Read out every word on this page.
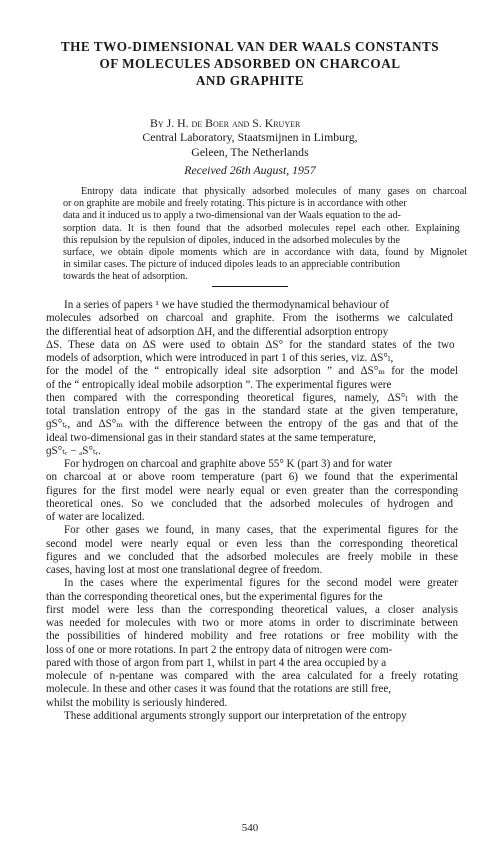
THE TWO-DIMENSIONAL VAN DER WAALS CONSTANTS
OF MOLECULES ADSORBED ON CHARCOAL
AND GRAPHITE
By J. H. de Boer and S. Kruyer
Central Laboratory, Staatsmijnen in Limburg,
Geleen, The Netherlands
Received 26th August, 1957
Entropy data indicate that physically adsorbed molecules of many gases on charcoal
or on graphite are mobile and freely rotating. This picture is in accordance with other
data and it induced us to apply a two-dimensional van der Waals equation to the ad-
sorption data. It is then found that the adsorbed molecules repel each other. Explaining
this repulsion by the repulsion of dipoles, induced in the adsorbed molecules by the
surface, we obtain dipole moments which are in accordance with data, found by Mignolet
in similar cases. The picture of induced dipoles leads to an appreciable contribution
towards the heat of adsorption.
In a series of papers ¹ we have studied the thermodynamical behaviour of
molecules adsorbed on charcoal and graphite. From the isotherms we calculated
the differential heat of adsorption ΔH, and the differential adsorption entropy
ΔS. These data on ΔS were used to obtain ΔS° for the standard states of the two
models of adsorption, which were introduced in part 1 of this series, viz. ΔS°ₗ,
for the model of the “ entropically ideal site adsorption ” and ΔS°ₘ for the model
of the “ entropically ideal mobile adsorption ”. The experimental figures were
then compared with the corresponding theoretical figures, namely, ΔS°ₗ with the
total translation entropy of the gas in the standard state at the given temperature,
ɡS°ₜᵣ, and ΔS°ₘ with the difference between the entropy of the gas and that of the
ideal two-dimensional gas in their standard states at the same temperature,
ɡS°ₜᵣ − ₐS°ₜᵣ.
For hydrogen on charcoal and graphite above 55° K (part 3) and for water
on charcoal at or above room temperature (part 6) we found that the experimental
figures for the first model were nearly equal or even greater than the corresponding
theoretical ones. So we concluded that the adsorbed molecules of hydrogen and
of water are localized.
For other gases we found, in many cases, that the experimental figures for the
second model were nearly equal or even less than the corresponding theoretical
figures and we concluded that the adsorbed molecules are freely mobile in these
cases, having lost at most one translational degree of freedom.
In the cases where the experimental figures for the second model were greater
than the corresponding theoretical ones, but the experimental figures for the
first model were less than the corresponding theoretical values, a closer analysis
was needed for molecules with two or more atoms in order to discriminate between
the possibilities of hindered mobility and free rotations or free mobility with the
loss of one or more rotations. In part 2 the entropy data of nitrogen were com-
pared with those of argon from part 1, whilst in part 4 the area occupied by a
molecule of n-pentane was compared with the area calculated for a freely rotating
molecule. In these and other cases it was found that the rotations are still free,
whilst the mobility is seriously hindered.
These additional arguments strongly support our interpretation of the entropy
540
